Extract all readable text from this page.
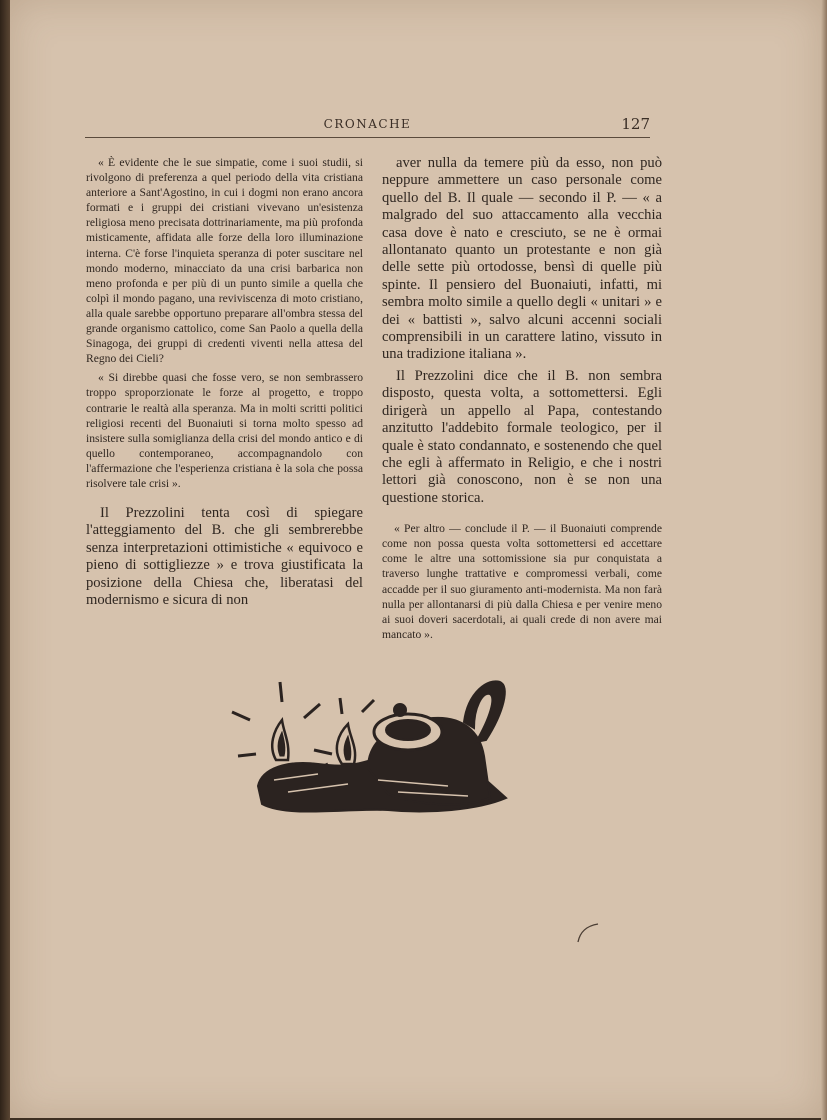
CRONACHE	127

« È evidente che le sue simpatie, come i suoi studii, si rivolgono di preferenza a quel periodo della vita cristiana anteriore a Sant'Agostino, in cui i dogmi non erano ancora formati e i gruppi dei cristiani vivevano un'esistenza religiosa meno precisata dottrinariamente, ma più profonda misticamente, affidata alle forze della loro illuminazione interna. C'è forse l'inquieta speranza di poter suscitare nel mondo moderno, minacciato da una crisi barbarica non meno profonda e per più di un punto simile a quella che colpì il mondo pagano, una reviviscenza di moto cristiano, alla quale sarebbe opportuno preparare all'ombra stessa del grande organismo cattolico, come San Paolo a quella della Sinagoga, dei gruppi di credenti viventi nella attesa del Regno dei Cieli?

« Si direbbe quasi che fosse vero, se non sembrassero troppo sproporzionate le forze al progetto, e troppo contrarie le realtà alla speranza. Ma in molti scritti politici religiosi recenti del Buonaiuti si torna molto spesso ad insistere sulla somiglianza della crisi del mondo antico e di quello contemporaneo, accompagnandolo con l'affermazione che l'esperienza cristiana è la sola che possa risolvere tale crisi ».

Il Prezzolini tenta così di spiegare l'atteggiamento del B. che gli sembrerebbe senza interpretazioni ottimistiche « equivoco e pieno di sottigliezze » e trova giustificata la posizione della Chiesa che, liberatasi del modernismo e sicura di non

aver nulla da temere più da esso, non può neppure ammettere un caso personale come quello del B. Il quale — secondo il P. — « a malgrado del suo attaccamento alla vecchia casa dove è nato e cresciuto, se ne è ormai allontanato quanto un protestante e non già delle sette più ortodosse, bensì di quelle più spinte. Il pensiero del Buonaiuti, infatti, mi sembra molto simile a quello degli « unitari » e dei « battisti », salvo alcuni accenni sociali comprensibili in un carattere latino, vissuto in una tradizione italiana ».

Il Prezzolini dice che il B. non sembra disposto, questa volta, a sottomettersi. Egli dirigerà un appello al Papa, contestando anzitutto l'addebito formale teologico, per il quale è stato condannato, e sostenendo che quel che egli à affermato in Religio, e che i nostri lettori già conoscono, non è se non una questione storica.

« Per altro — conclude il P. — il Buonaiuti comprende come non possa questa volta sottomettersi ed accettare come le altre una sottomissione sia pur conquistata a traverso lunghe trattative e compromessi verbali, come accadde per il suo giuramento anti-modernista. Ma non farà nulla per allontanarsi di più dalla Chiesa e per venire meno ai suoi doveri sacerdotali, ai quali crede di non avere mai mancato ».
